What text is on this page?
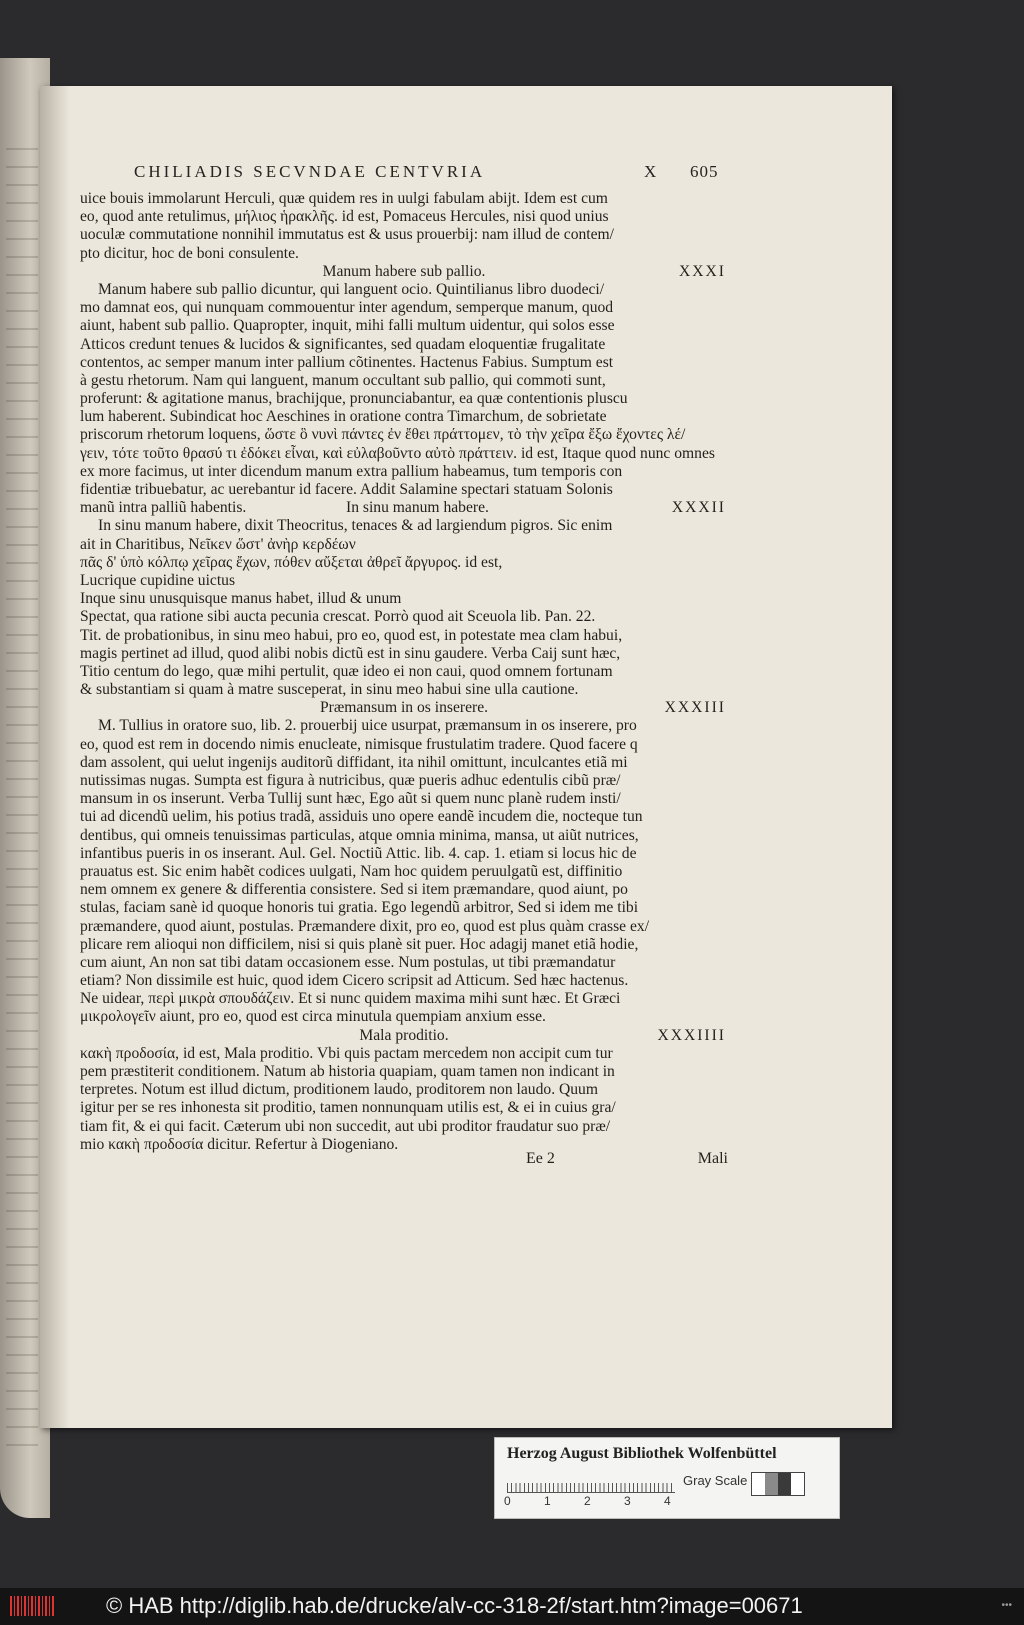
CHILIADIS SECVNDAE CENTVRIA	X 605
uice bouis immolarunt Herculi, quæ quidem res in uulgi fabulam abijt. Idem est cum
eo, quod ante retulimus, μήλιος ἡρακλῆς. id est, Pomaceus Hercules, nisi quod unius
uoculæ commutatione nonnihil immutatus est & usus prouerbij: nam illud de contem/
pto dicitur, hoc de boni consulente.
Manum habere sub pallio.	XXXI
Manum habere sub pallio dicuntur, qui languent ocio. Quintilianus libro duodeci/
mo damnat eos, qui nunquam commouentur inter agendum, semperque manum, quod
aiunt, habent sub pallio. Quapropter, inquit, mihi falli multum uidentur, qui solos esse
Atticos credunt tenues & lucidos & significantes, sed quadam eloquentiæ frugalitate
contentos, ac semper manum inter pallium cõtinentes. Hactenus Fabius. Sumptum est
à gestu rhetorum. Nam qui languent, manum occultant sub pallio, qui commoti sunt,
proferunt: & agitatione manus, brachijque, pronunciabantur, ea quæ contentionis pluscu
lum haberent. Subindicat hoc Aeschines in oratione contra Timarchum, de sobrietate
priscorum rhetorum loquens, ὥστε ὃ νυνὶ πάντες ἐν ἔθει πράττομεν, τὸ τὴν χεῖρα ἔξω ἔχοντες λέ/
γειν, τότε τοῦτο θρασύ τι ἐδόκει εἶναι, καὶ εὐλαβοῦντο αὐτὸ πράττειν. id est, Itaque quod nunc omnes
ex more facimus, ut inter dicendum manum extra pallium habeamus, tum temporis con
fidentiæ tribuebatur, ac uerebantur id facere. Addit Salamine spectari statuam Solonis
manũ intra palliũ habentis.	In sinu manum habere.	XXXII
In sinu manum habere, dixit Theocritus, tenaces & ad largiendum pigros. Sic enim
ait in Charitibus, Νεῖκεν ὥστ' ἀνὴρ κερδέων
πᾶς δ' ὑπὸ κόλπῳ χεῖρας ἔχων, πόθεν αὔξεται ἀθρεῖ ἄργυρος. id est,
Lucrique cupidine uictus
Inque sinu unusquisque manus habet, illud & unum
Spectat, qua ratione sibi aucta pecunia crescat. Porrò quod ait Sceuola lib. Pan. 22.
Tit. de probationibus, in sinu meo habui, pro eo, quod est, in potestate mea clam habui,
magis pertinet ad illud, quod alibi nobis dictũ est in sinu gaudere. Verba Caij sunt hæc,
Titio centum do lego, quæ mihi pertulit, quæ ideo ei non caui, quod omnem fortunam
& substantiam si quam à matre susceperat, in sinu meo habui sine ulla cautione.
Præmansum in os inserere.	XXXIII
M. Tullius in oratore suo, lib. 2. prouerbij uice usurpat, præmansum in os inserere, pro
eo, quod est rem in docendo nimis enucleate, nimisque frustulatim tradere. Quod facere q
dam assolent, qui uelut ingenijs auditorũ diffidant, ita nihil omittunt, inculcantes etiã mi
nutissimas nugas. Sumpta est figura à nutricibus, quæ pueris adhuc edentulis cibũ præ/
mansum in os inserunt. Verba Tullij sunt hæc, Ego aũt si quem nunc planè rudem insti/
tui ad dicendũ uelim, his potius tradã, assiduis uno opere eandẽ incudem die, nocteque tun
dentibus, qui omneis tenuissimas particulas, atque omnia minima, mansa, ut aiũt nutrices,
infantibus pueris in os inserant. Aul. Gel. Noctiũ Attic. lib. 4. cap. 1. etiam si locus hic de
prauatus est. Sic enim habẽt codices uulgati, Nam hoc quidem peruulgatũ est, diffinitio
nem omnem ex genere & differentia consistere. Sed si item præmandare, quod aiunt, po
stulas, faciam sanè id quoque honoris tui gratia. Ego legendũ arbitror, Sed si idem me tibi
præmandere, quod aiunt, postulas. Præmandere dixit, pro eo, quod est plus quàm crasse ex/
plicare rem alioqui non difficilem, nisi si quis planè sit puer. Hoc adagij manet etiã hodie,
cum aiunt, An non sat tibi datam occasionem esse. Num postulas, ut tibi præmandatur
etiam? Non dissimile est huic, quod idem Cicero scripsit ad Atticum. Sed hæc hactenus.
Ne uidear, περὶ μικρὰ σπουδάζειν. Et si nunc quidem maxima mihi sunt hæc. Et Græci
μικρολογεῖν aiunt, pro eo, quod est circa minutula quempiam anxium esse.
Mala proditio.	XXXIIII
κακὴ προδοσία, id est, Mala proditio. Vbi quis pactam mercedem non accipit cum tur
pem præstiterit conditionem. Natum ab historia quapiam, quam tamen non indicant in
terpretes. Notum est illud dictum, proditionem laudo, proditorem non laudo. Quum
igitur per se res inhonesta sit proditio, tamen nonnunquam utilis est, & ei in cuius gra/
tiam fit, & ei qui facit. Cæterum ubi non succedit, aut ubi proditor fraudatur suo præ/
mio κακὴ προδοσία dicitur. Refertur à Diogeniano.
Ee 2	Mali
Herzog August Bibliothek Wolfenbüttel
0	1	2	3	4
Gray Scale
© HAB http://diglib.hab.de/drucke/alv-cc-318-2f/start.htm?image=00671	•••
